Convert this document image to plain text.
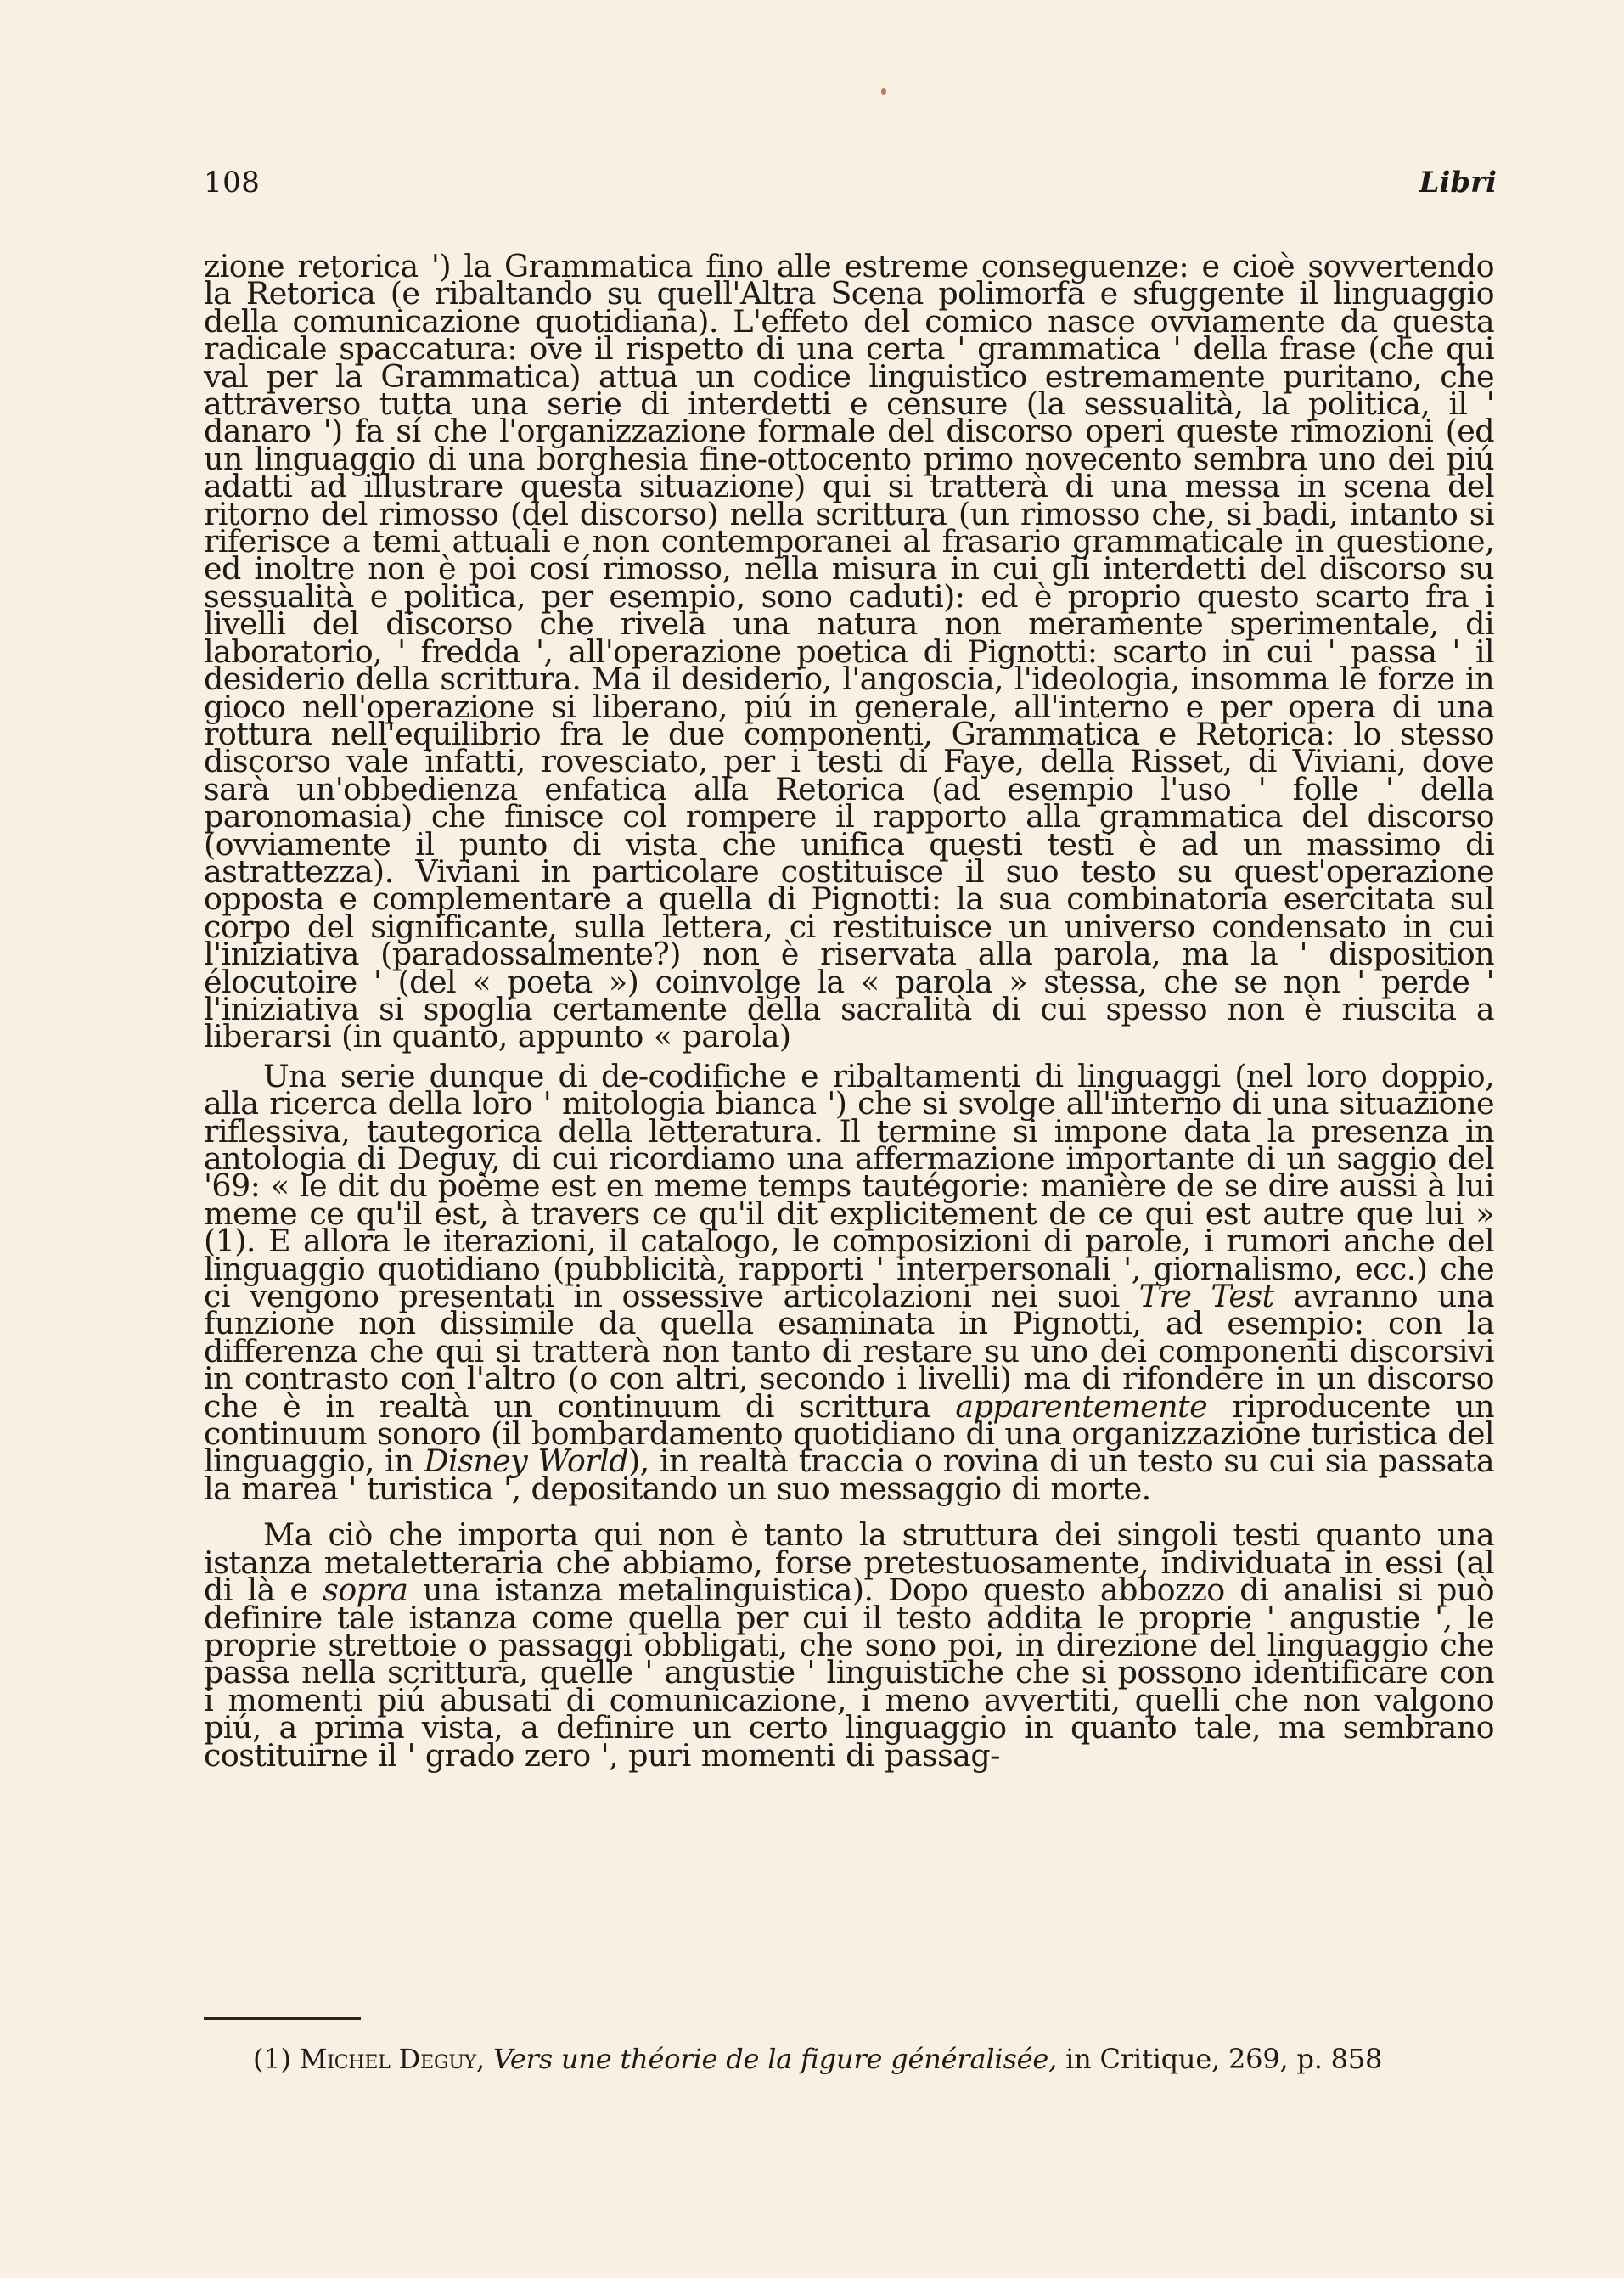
108	Libri

zione retorica ') la Grammatica fino alle estreme conseguenze: e cioè sovvertendo la Retorica (e ribaltando su quell'Altra Scena polimorfa e sfuggente il linguaggio della comunicazione quotidiana). L'effeto del comico nasce ovviamente da questa radicale spaccatura: ove il rispetto di una certa ' grammatica ' della frase (che qui val per la Grammatica) attua un codice linguistico estremamente puritano, che attraverso tutta una serie di interdetti e censure (la sessualità, la politica, il ' danaro ') fa sí che l'organizzazione formale del discorso operi queste rimozioni (ed un linguaggio di una borghesia fine-ottocento primo novecento sembra uno dei piú adatti ad illustrare questa situazione) qui si tratterà di una messa in scena del ritorno del rimosso (del discorso) nella scrittura (un rimosso che, si badi, intanto si riferisce a temi attuali e non contemporanei al frasario grammaticale in questione, ed inoltre non è poi cosí rimosso, nella misura in cui gli interdetti del discorso su sessualità e politica, per esempio, sono caduti): ed è proprio questo scarto fra i livelli del discorso che rivela una natura non meramente sperimentale, di laboratorio, ' fredda ', all'operazione poetica di Pignotti: scarto in cui ' passa ' il desiderio della scrittura. Ma il desiderio, l'angoscia, l'ideologia, insomma le forze in gioco nell'operazione si liberano, piú in generale, all'interno e per opera di una rottura nell'equilibrio fra le due componenti, Grammatica e Retorica: lo stesso discorso vale infatti, rovesciato, per i testi di Faye, della Risset, di Viviani, dove sarà un'obbedienza enfatica alla Retorica (ad esempio l'uso ' folle ' della paronomasia) che finisce col rompere il rapporto alla grammatica del discorso (ovviamente il punto di vista che unifica questi testi è ad un massimo di astrattezza). Viviani in particolare costituisce il suo testo su quest'operazione opposta e complementare a quella di Pignotti: la sua combinatoria esercitata sul corpo del significante, sulla lettera, ci restituisce un universo condensato in cui l'iniziativa (paradossalmente?) non è riservata alla parola, ma la ' disposition élocutoire ' (del « poeta ») coinvolge la « parola » stessa, che se non ' perde ' l'iniziativa si spoglia certamente della sacralità di cui spesso non è riuscita a liberarsi (in quanto, appunto « parola)

Una serie dunque di de-codifiche e ribaltamenti di linguaggi (nel loro doppio, alla ricerca della loro ' mitologia bianca ') che si svolge all'interno di una situazione riflessiva, tautegorica della letteratura. Il termine si impone data la presenza in antologia di Deguy, di cui ricordiamo una affermazione importante di un saggio del '69: « le dit du poème est en meme temps tautégorie: manière de se dire aussi à lui meme ce qu'il est, à travers ce qu'il dit explicitement de ce qui est autre que lui » (1). E allora le iterazioni, il catalogo, le composizioni di parole, i rumori anche del linguaggio quotidiano (pubblicità, rapporti ' interpersonali ', giornalismo, ecc.) che ci vengono presentati in ossessive articolazioni nei suoi Tre Test avranno una funzione non dissimile da quella esaminata in Pignotti, ad esempio: con la differenza che qui si tratterà non tanto di restare su uno dei componenti discorsivi in contrasto con l'altro (o con altri, secondo i livelli) ma di rifondere in un discorso che è in realtà un continuum di scrittura apparentemente riproducente un continuum sonoro (il bombardamento quotidiano di una organizzazione turistica del linguaggio, in Disney World), in realtà traccia o rovina di un testo su cui sia passata la marea ' turistica ', depositando un suo messaggio di morte.

Ma ciò che importa qui non è tanto la struttura dei singoli testi quanto una istanza metaletteraria che abbiamo, forse pretestuosamente, individuata in essi (al di là e sopra una istanza metalinguistica). Dopo questo abbozzo di analisi si può definire tale istanza come quella per cui il testo addita le proprie ' angustie ', le proprie strettoie o passaggi obbligati, che sono poi, in direzione del linguaggio che passa nella scrittura, quelle ' angustie ' linguistiche che si possono identificare con i momenti piú abusati di comunicazione, i meno avvertiti, quelli che non valgono piú, a prima vista, a definire un certo linguaggio in quanto tale, ma sembrano costituirne il ' grado zero ', puri momenti di passag-

(1) Michel Deguy, Vers une théorie de la figure généralisée, in Critique, 269, p. 858
